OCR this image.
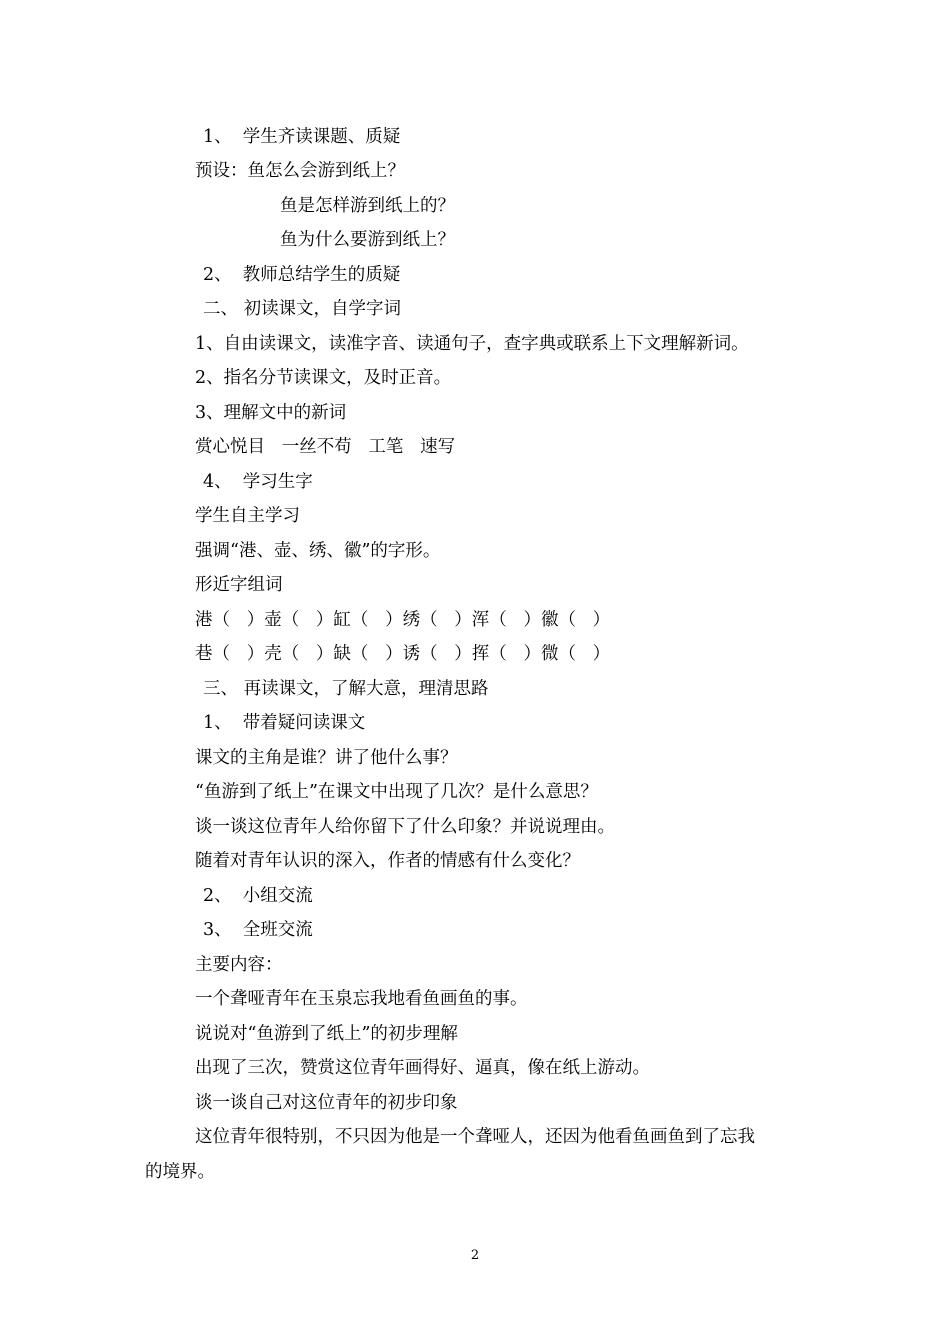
1、  学生齐读课题、质疑
预设：鱼怎么会游到纸上？
鱼是怎样游到纸上的？
鱼为什么要游到纸上？
2、  教师总结学生的质疑
二、 初读课文，自学字词
1、自由读课文，读准字音、读通句子，查字典或联系上下文理解新词。
2、指名分节读课文，及时正音。
3、理解文中的新词
赏心悦目   一丝不苟   工笔   速写
4、  学习生字
学生自主学习
强调“港、壶、绣、徽”的字形。
形近字组词
港（   ）壶（   ）缸（   ）绣（   ）浑（   ）徽（   ）
巷（   ）壳（   ）缺（   ）诱（   ）挥（   ）微（   ）
三、 再读课文，了解大意，理清思路
1、  带着疑问读课文
课文的主角是谁？讲了他什么事？
“鱼游到了纸上”在课文中出现了几次？是什么意思？
谈一谈这位青年人给你留下了什么印象？并说说理由。
随着对青年认识的深入，作者的情感有什么变化？
2、  小组交流
3、  全班交流
主要内容：
一个聋哑青年在玉泉忘我地看鱼画鱼的事。
说说对“鱼游到了纸上”的初步理解
出现了三次，赞赏这位青年画得好、逼真，像在纸上游动。
谈一谈自己对这位青年的初步印象
这位青年很特别，不只因为他是一个聋哑人，还因为他看鱼画鱼到了忘我
的境界。
2
